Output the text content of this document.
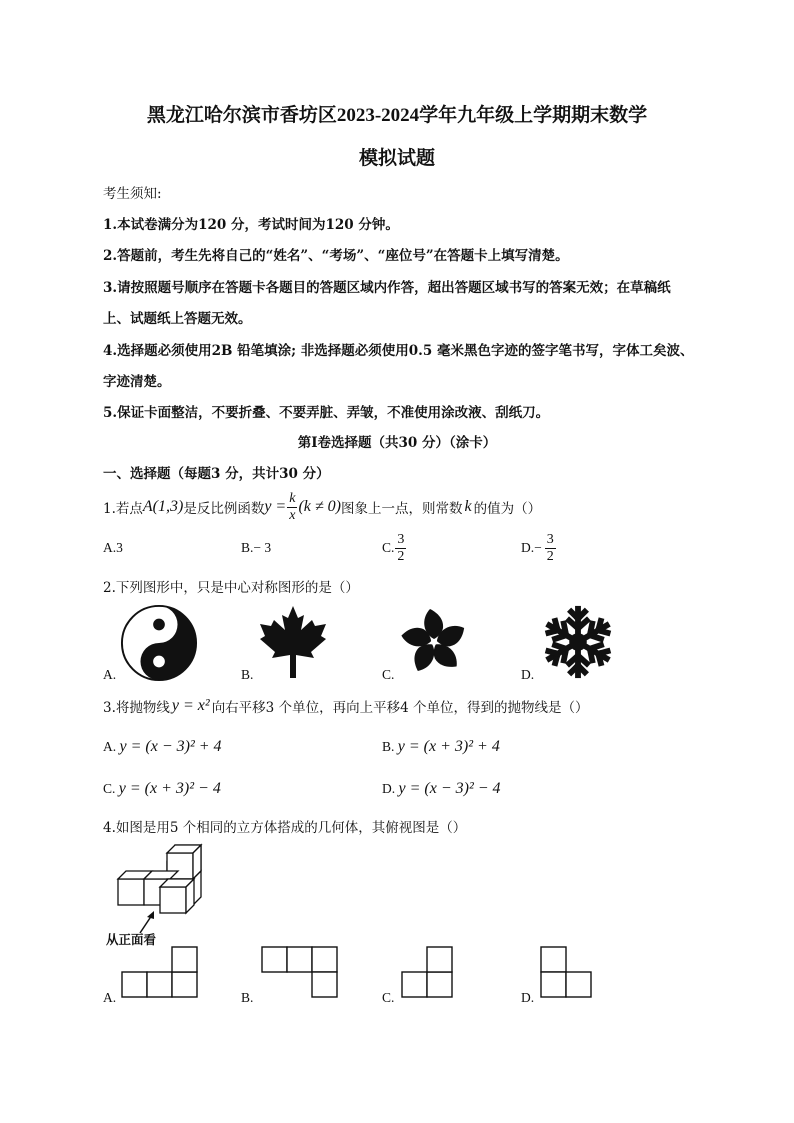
黑龙江哈尔滨市香坊区2023-2024学年九年级上学期期末数学
模拟试题
考生须知:
1.本试卷满分为120 分，考试时间为120 分钟。
2.答题前，考生先将自己的“姓名”、“考场”、“座位号”在答题卡上填写清楚。
3.请按照题号顺序在答题卡各题目的答题区域内作答，超出答题区域书写的答案无效；在草稿纸
上、试题纸上答题无效。
4.选择题必须使用2B 铅笔填涂; 非选择题必须使用0.5 毫米黑色字迹的签字笔书写，字体工矣波、
字迹清楚。
5.保证卡面整洁，不要折叠、不要弄脏、弄皱，不准使用涂改液、刮纸刀。
第Ⅰ卷选择题（共30 分）（涂卡）
一、选择题（每题3 分，共计30 分）
1.若点 A(1,3) 是反比例函数 $y = \frac{k}{x} (k \ne 0)$ 图象上一点，则常数 k 的值为（）
A.3	B.− 3	C. $\frac{3}{2}$	D. − $\frac{3}{2}$
2.下列图形中，只是中心对称图形的是（）
A.	B.	C.	D.
3.将抛物线 y = x² 向右平移3 个单位，再向上平移4 个单位，得到的抛物线是（）
A. y = (x − 3)² + 4	B. y = (x + 3)² + 4
C. y = (x + 3)² − 4	D. y = (x − 3)² − 4
4.如图是用5 个相同的立方体搭成的几何体，其俯视图是（）
从正面看
A.	B.	C.	D.
